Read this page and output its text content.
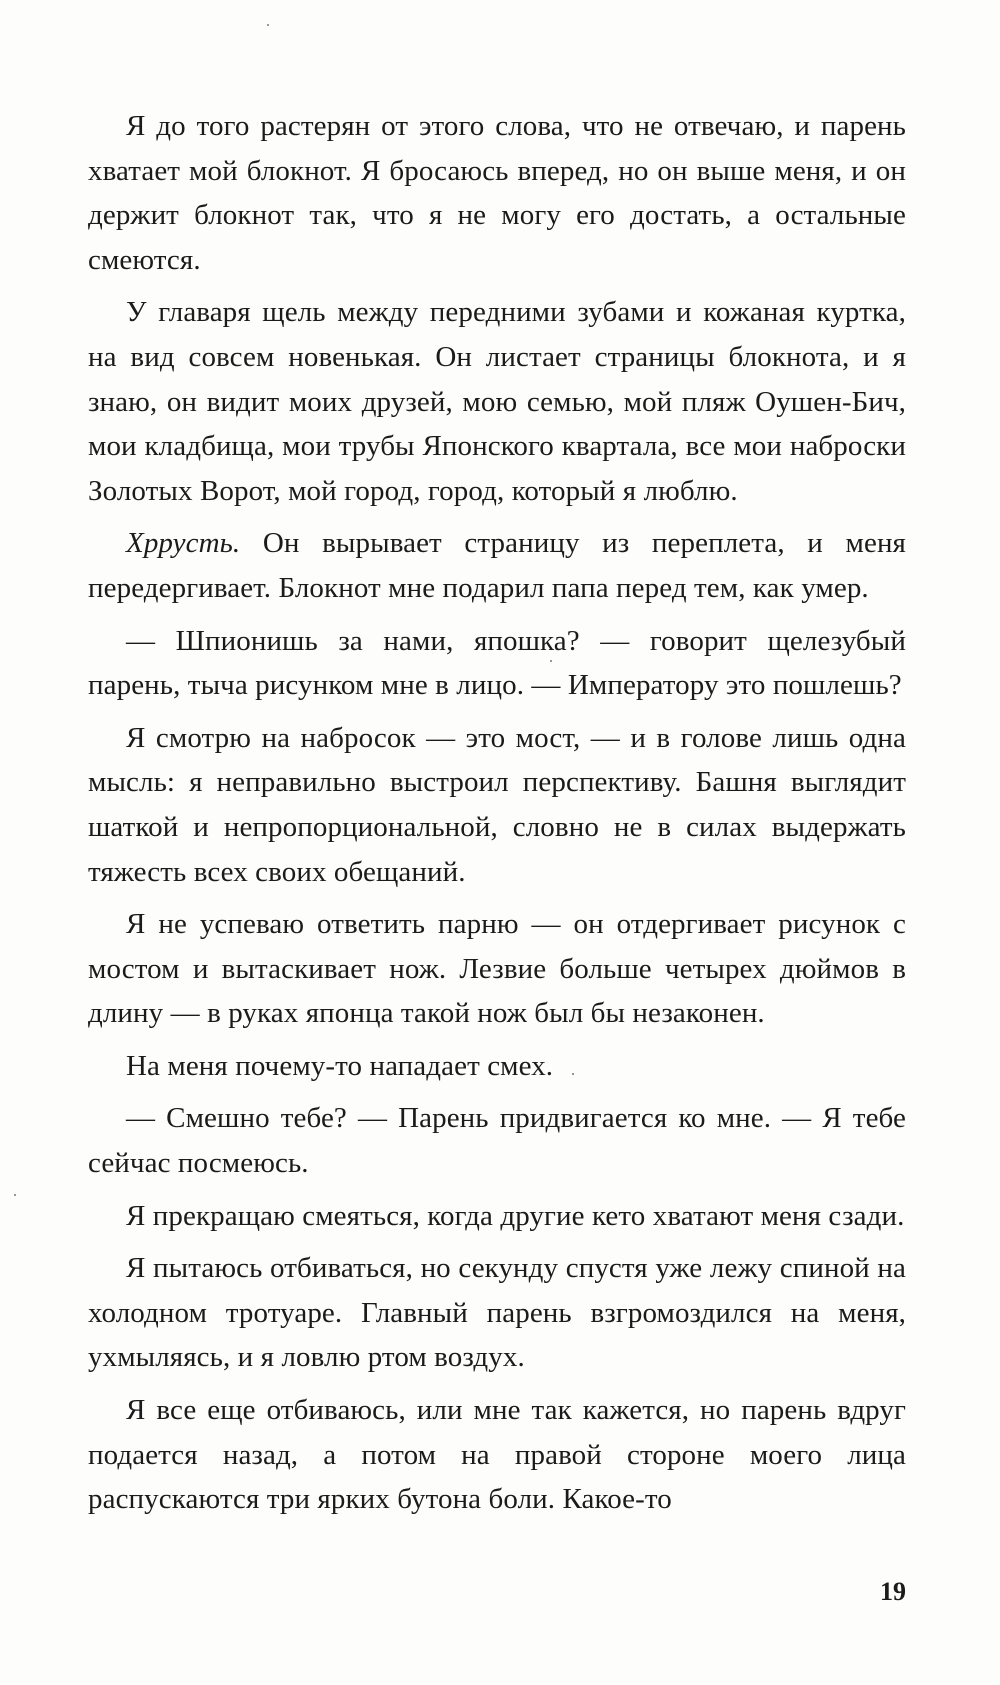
Я до того растерян от этого слова, что не отвечаю, и парень хватает мой блокнот. Я бросаюсь вперед, но он выше меня, и он держит блокнот так, что я не могу его достать, а остальные смеются.

У главаря щель между передними зубами и кожаная куртка, на вид совсем новенькая. Он листает страницы блокнота, и я знаю, он видит моих друзей, мою семью, мой пляж Оушен-Бич, мои кладбища, мои трубы Японского квартала, все мои наброски Золотых Ворот, мой город, город, который я люблю.

Хррусть. Он вырывает страницу из переплета, и меня передергивает. Блокнот мне подарил папа перед тем, как умер.

— Шпионишь за нами, япошка? — говорит щелезубый парень, тыча рисунком мне в лицо. — Императору это пошлешь?

Я смотрю на набросок — это мост, — и в голове лишь одна мысль: я неправильно выстроил перспективу. Башня выглядит шаткой и непропорциональной, словно не в силах выдержать тяжесть всех своих обещаний.

Я не успеваю ответить парню — он отдергивает рисунок с мостом и вытаскивает нож. Лезвие больше четырех дюймов в длину — в руках японца такой нож был бы незаконен.

На меня почему-то нападает смех.

— Смешно тебе? — Парень придвигается ко мне. — Я тебе сейчас посмеюсь.

Я прекращаю смеяться, когда другие кето хватают меня сзади.

Я пытаюсь отбиваться, но секунду спустя уже лежу спиной на холодном тротуаре. Главный парень взгромоздился на меня, ухмыляясь, и я ловлю ртом воздух.

Я все еще отбиваюсь, или мне так кажется, но парень вдруг подается назад, а потом на правой стороне моего лица распускаются три ярких бутона боли. Какое-то

19
